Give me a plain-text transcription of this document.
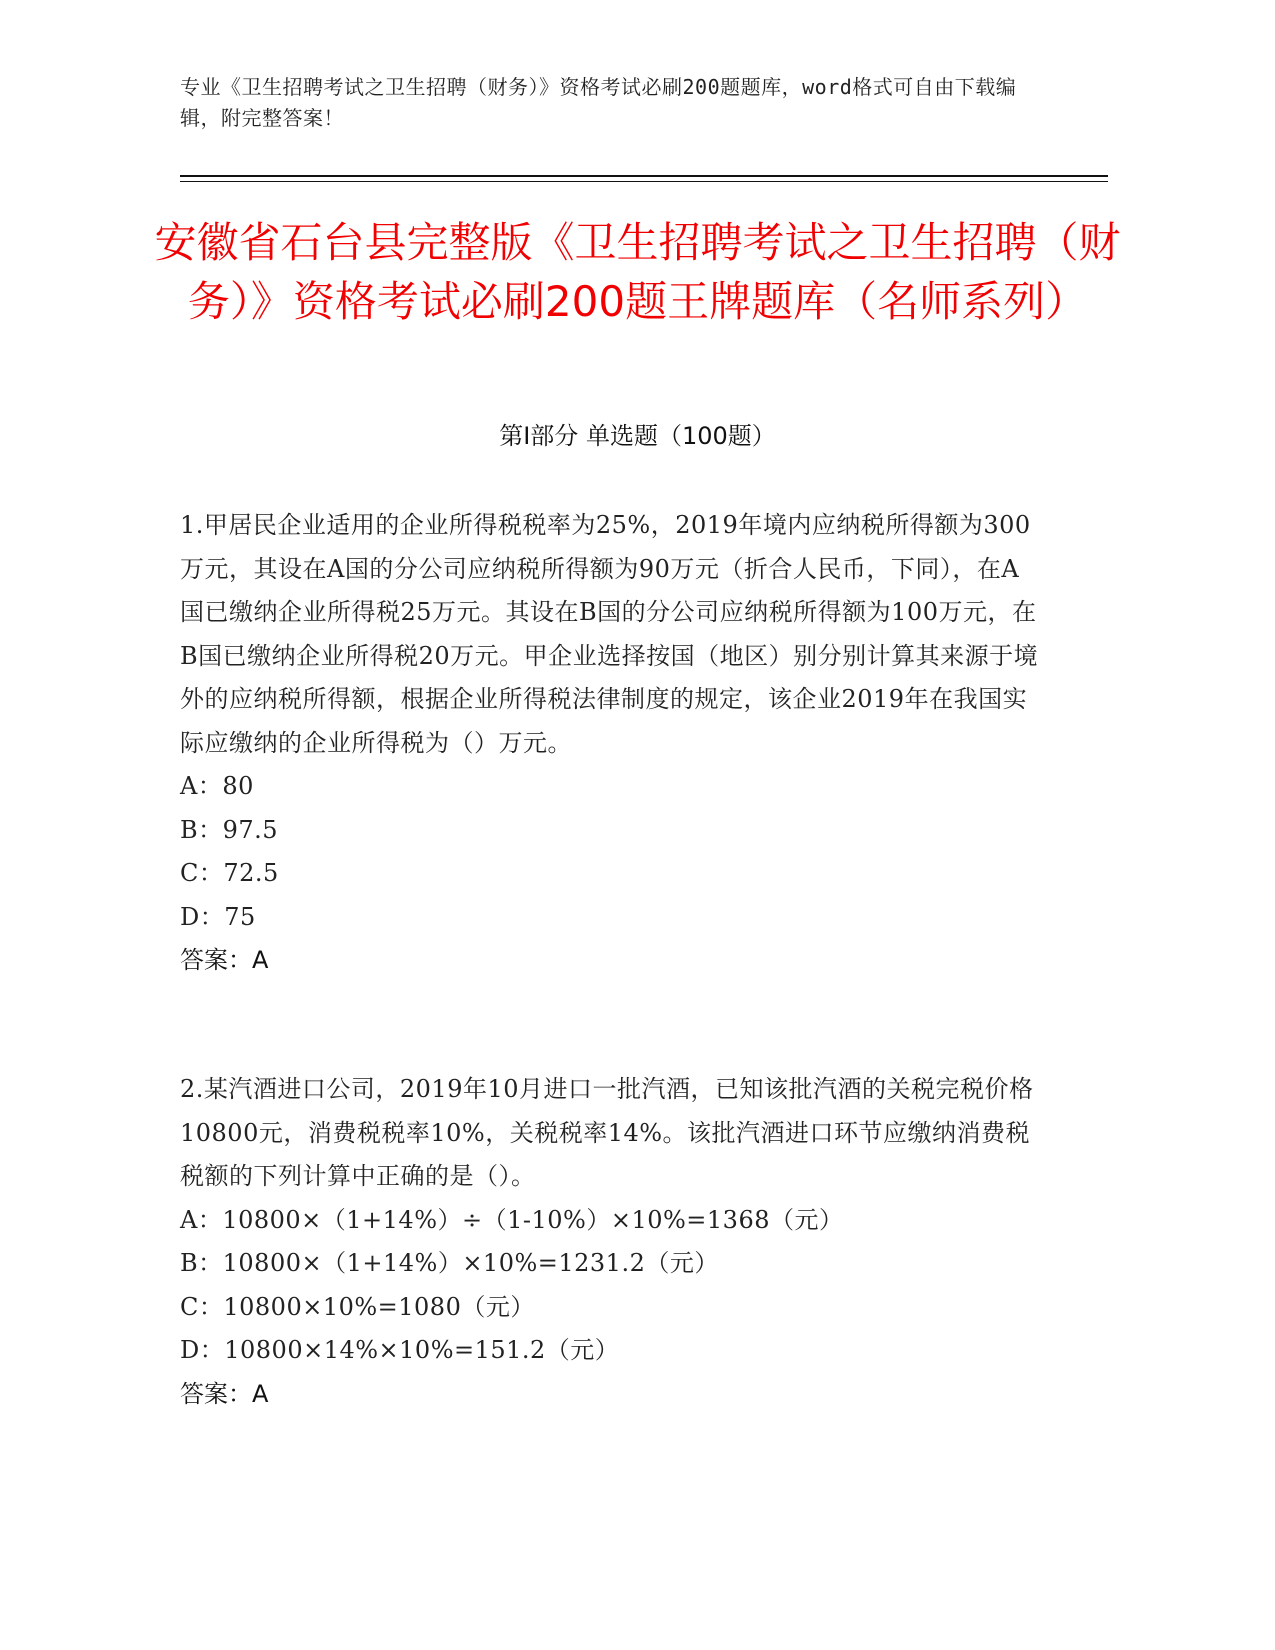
专业《卫生招聘考试之卫生招聘（财务）》资格考试必刷200题题库，word格式可自由下载编辑，附完整答案！
安徽省石台县完整版《卫生招聘考试之卫生招聘（财务）》资格考试必刷200题王牌题库（名师系列）
第Ⅰ部分 单选题（100题）
1.甲居民企业适用的企业所得税税率为25%，2019年境内应纳税所得额为300万元，其设在A国的分公司应纳税所得额为90万元（折合人民币，下同），在A国已缴纳企业所得税25万元。其设在B国的分公司应纳税所得额为100万元，在B国已缴纳企业所得税20万元。甲企业选择按国（地区）别分别计算其来源于境外的应纳税所得额，根据企业所得税法律制度的规定，该企业2019年在我国实际应缴纳的企业所得税为（）万元。
A：80
B：97.5
C：72.5
D：75
答案：A
2.某汽酒进口公司，2019年10月进口一批汽酒，已知该批汽酒的关税完税价格10800元，消费税税率10%，关税税率14%。该批汽酒进口环节应缴纳消费税税额的下列计算中正确的是（）。
A：10800×（1+14%）÷（1-10%）×10%=1368（元）
B：10800×（1+14%）×10%=1231.2（元）
C：10800×10%=1080（元）
D：10800×14%×10%=151.2（元）
答案：A
